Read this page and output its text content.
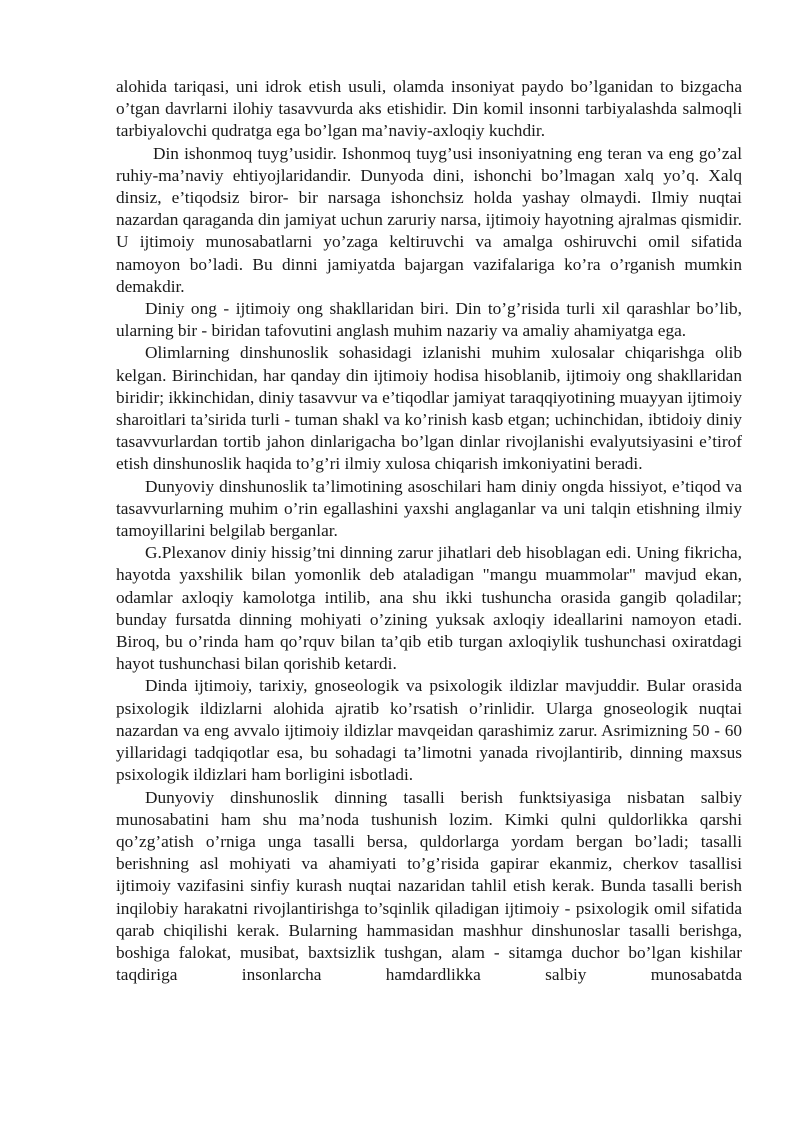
alohida tariqasi, uni idrok etish usuli, olamda insoniyat paydo bo’lganidan to bizgacha o’tgan davrlarni ilohiy tasavvurda aks etishidir. Din komil insonni tarbiyalashda salmoqli tarbiyalovchi qudratga ega bo’lgan ma’naviy-axloqiy kuchdir.

Din ishonmoq tuyg’usidir. Ishonmoq tuyg’usi insoniyatning eng teran va eng go’zal ruhiy-ma’naviy ehtiyojlaridandir. Dunyoda dini, ishonchi bo’lmagan xalq yo’q. Xalq dinsiz, e’tiqodsiz biror- bir narsaga ishonchsiz holda yashay olmaydi. Ilmiy nuqtai nazardan qaraganda din jamiyat uchun zaruriy narsa, ijtimoiy hayotning ajralmas qismidir. U ijtimoiy munosabatlarni yo’zaga keltiruvchi va amalga oshiruvchi omil sifatida namoyon bo’ladi. Bu dinni jamiyatda bajargan vazifalariga ko’ra o’rganish mumkin demakdir.

Diniy ong - ijtimoiy ong shakllaridan biri. Din to’g’risida turli xil qarashlar bo’lib, ularning bir - biridan tafovutini anglash muhim nazariy va amaliy ahamiyatga ega.

Olimlarning dinshunoslik sohasidagi izlanishi muhim xulosalar chiqarishga olib kelgan. Birinchidan, har qanday din ijtimoiy hodisa hisoblanib, ijtimoiy ong shakllaridan biridir; ikkinchidan, diniy tasavvur va e’tiqodlar jamiyat taraqqiyotining muayyan ijtimoiy sharoitlari ta’sirida turli - tuman shakl va ko’rinish kasb etgan; uchinchidan, ibtidoiy diniy tasavvurlardan tortib jahon dinlarigacha bo’lgan dinlar rivojlanishi evalyutsiyasini e’tirof etish dinshunoslik haqida to’g’ri ilmiy xulosa chiqarish imkoniyatini beradi.

Dunyoviy dinshunoslik ta’limotining asoschilari ham diniy ongda hissiyot, e’tiqod va tasavvurlarning muhim o’rin egallashini yaxshi anglaganlar va uni talqin etishning ilmiy tamoyillarini belgilab berganlar.

G.Plexanov diniy hissig’tni dinning zarur jihatlari deb hisoblagan edi. Uning fikricha, hayotda yaxshilik bilan yomonlik deb ataladigan "mangu muammolar" mavjud ekan, odamlar axloqiy kamolotga intilib, ana shu ikki tushuncha orasida gangib qoladilar; bunday fursatda dinning mohiyati o’zining yuksak axloqiy ideallarini namoyon etadi. Biroq, bu o’rinda ham qo’rquv bilan ta’qib etib turgan axloqiylik tushunchasi oxiratdagi hayot tushunchasi bilan qorishib ketardi.

Dinda ijtimoiy, tarixiy, gnoseologik va psixologik ildizlar mavjuddir. Bular orasida psixologik ildizlarni alohida ajratib ko’rsatish o’rinlidir. Ularga gnoseologik nuqtai nazardan va eng avvalo ijtimoiy ildizlar mavqeidan qarashimiz zarur. Asrimizning 50 - 60 yillaridagi tadqiqotlar esa, bu sohadagi ta’limotni yanada rivojlantirib, dinning maxsus psixologik ildizlari ham borligini isbotladi.

Dunyoviy dinshunoslik dinning tasalli berish funktsiyasiga nisbatan salbiy munosabatini ham shu ma’noda tushunish lozim. Kimki qulni quldorlikka qarshi qo’zg’atish o’rniga unga tasalli bersa, quldorlarga yordam bergan bo’ladi; tasalli berishning asl mohiyati va ahamiyati to’g’risida gapirar ekanmiz, cherkov tasallisi ijtimoiy vazifasini sinfiy kurash nuqtai nazaridan tahlil etish kerak. Bunda tasalli berish inqilobiy harakatni rivojlantirishga to’sqinlik qiladigan ijtimoiy - psixologik omil sifatida qarab chiqilishi kerak. Bularning hammasidan mashhur dinshunoslar tasalli berishga, boshiga falokat, musibat, baxtsizlik tushgan, alam - sitamga duchor bo’lgan kishilar taqdiriga insonlarcha hamdardlikka salbiy munosabatda
